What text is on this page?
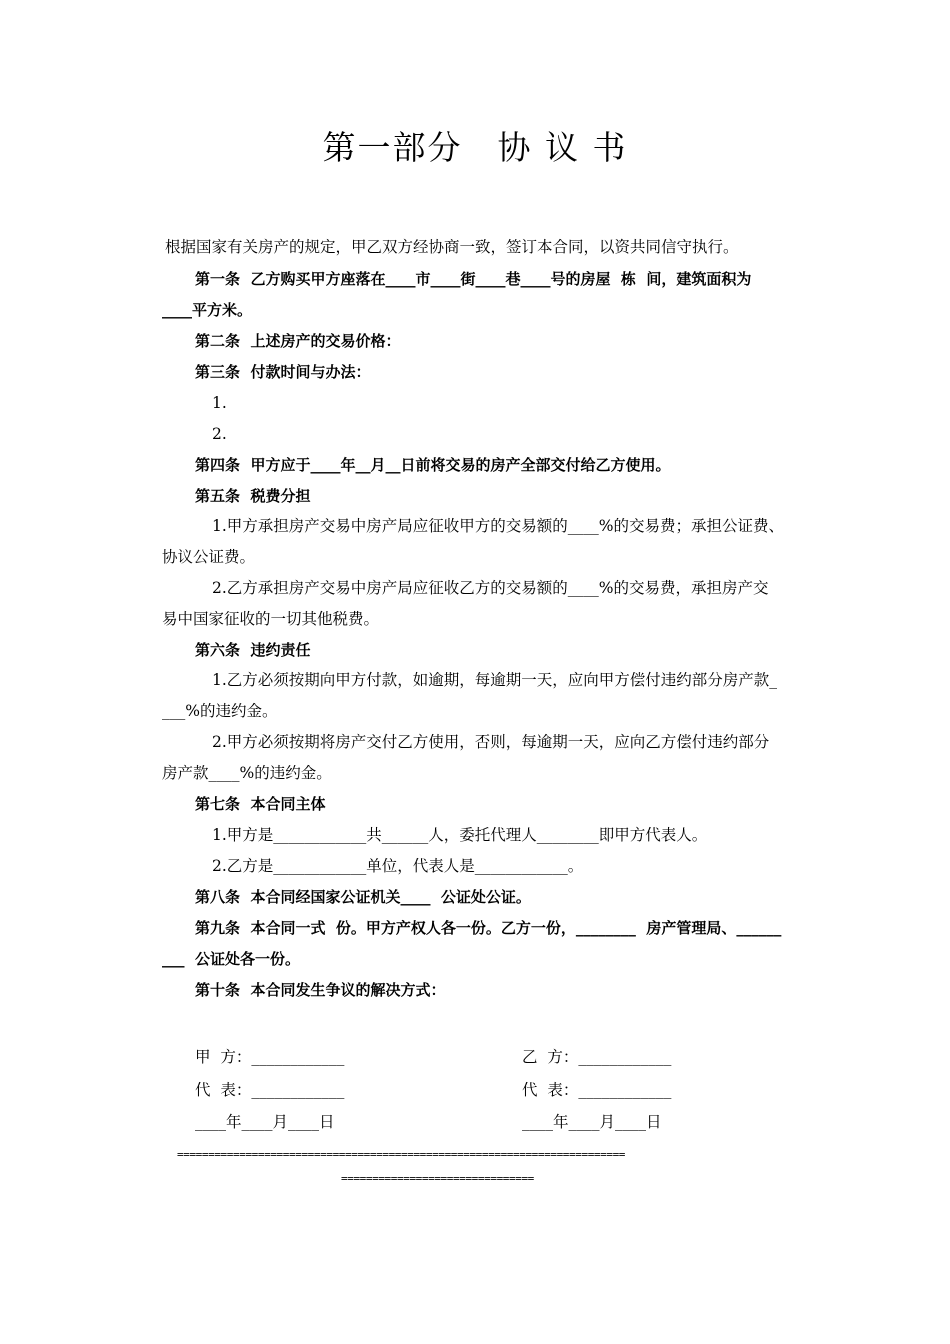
第一部分　协 议 书
根据国家有关房产的规定，甲乙双方经协商一致，签订本合同，以资共同信守执行。
第一条  乙方购买甲方座落在____市____街____巷____号的房屋  栋  间，建筑面积为
____平方米。
第二条  上述房产的交易价格：
第三条  付款时间与办法：
1.
2.
第四条  甲方应于____年__月__日前将交易的房产全部交付给乙方使用。
第五条  税费分担
1.甲方承担房产交易中房产局应征收甲方的交易额的____%的交易费；承担公证费、
协议公证费。
2.乙方承担房产交易中房产局应征收乙方的交易额的____%的交易费，承担房产交
易中国家征收的一切其他税费。
第六条  违约责任
1.乙方必须按期向甲方付款，如逾期，每逾期一天，应向甲方偿付违约部分房产款_
___%的违约金。
2.甲方必须按期将房产交付乙方使用，否则，每逾期一天，应向乙方偿付违约部分
房产款____%的违约金。
第七条  本合同主体
1.甲方是____________共______人，委托代理人________即甲方代表人。
2.乙方是____________单位，代表人是____________。
第八条  本合同经国家公证机关____  公证处公证。
第九条  本合同一式  份。甲方产权人各一份。乙方一份，________  房产管理局、______
___  公证处各一份。
第十条  本合同发生争议的解决方式：
甲  方：____________
代  表：____________
____年____月____日
乙  方：____________
代  表：____________
____年____月____日
========================================================================
===============================
